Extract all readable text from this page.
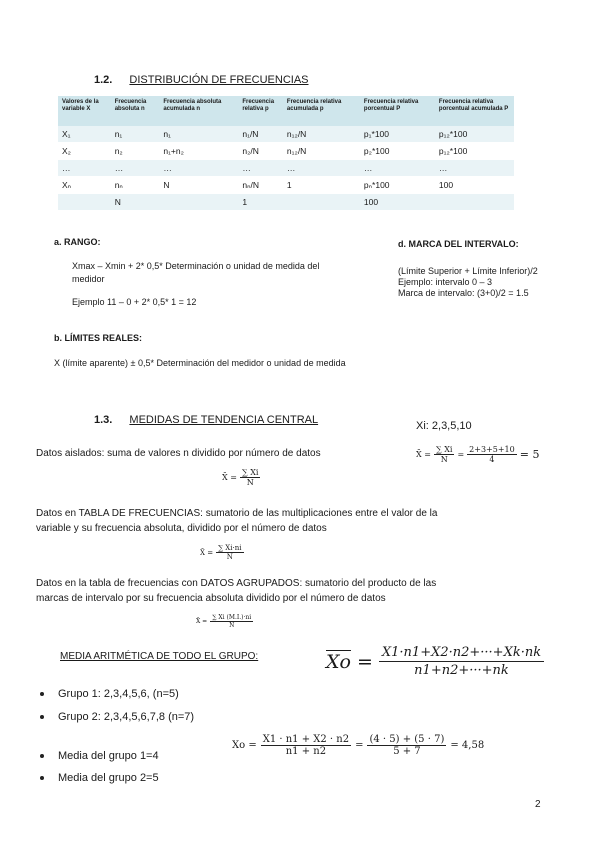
1.2. DISTRIBUCIÓN DE FRECUENCIAS
Valores de la variable X	Frecuencia absoluta n	Frecuencia absoluta acumulada n	Frecuencia relativa p	Frecuencia relativa acumulada p	Frecuencia relativa porcentual P	Frecuencia relativa porcentual acumulada P
X₁	n₁	n₁	n₁/N	n₁₂/N	p₁*100	p₁₂*100
X₂	n₂	n₁+n₂	n₂/N	n₁₂/N	p₂*100	p₁₂*100
…	…	…	…	…	…	…
Xₙ	nₙ	N	nₙ/N	1	pₙ*100	100
	N		1		100	
a. RANGO:
Xmax – Xmin + 2* 0,5* Determinación o unidad de medida del
medidor
Ejemplo 11 – 0 + 2* 0,5* 1 = 12
d. MARCA DEL INTERVALO:
(Límite Superior + Límite Inferior)/2
Ejemplo: intervalo 0 – 3
Marca de intervalo: (3+0)/2 = 1.5
b. LÍMITES REALES:
X (límite aparente) ± 0,5* Determinación del medidor o unidad de medida
1.3. MEDIDAS DE TENDENCIA CENTRAL	Xi: 2,3,5,10
X̄ = $\frac{\sum Xi}{N} = \frac{2+3+5+10}{4} = 5$
Datos aislados: suma de valores n dividido por número de datos
X̄ = $\frac{\sum Xi}{N}$
Datos en TABLA DE FRECUENCIAS: sumatorio de las multiplicaciones entre el valor de la
variable y su frecuencia absoluta, dividido por el número de datos
X̄ = $\frac{\sum Xi\cdot ni}{N}$
Datos en la tabla de frecuencias con DATOS AGRUPADOS: sumatorio del producto de las
marcas de intervalo por su frecuencia absoluta dividido por el número de datos
X̄ = $\frac{\sum Xi (M.I.)\cdot ni}{N}$
MEDIA ARITMÉTICA DE TODO EL GRUPO:	$\overline{Xo} = \frac{X1\cdot n1+X2\cdot n2+\cdot\cdot\cdot+Xk\cdot nk}{n1+n2+\cdot\cdot\cdot+nk}$
Grupo 1: 2,3,4,5,6, (n=5)
Grupo 2: 2,3,4,5,6,7,8 (n=7)
Media del grupo 1=4
Media del grupo 2=5
$Xo = \frac{X1 \cdot n1 + X2 \cdot n2}{n1 + n2} = \frac{(4 \cdot 5) + (5 \cdot 7)}{5 + 7} = 4,58$
2
